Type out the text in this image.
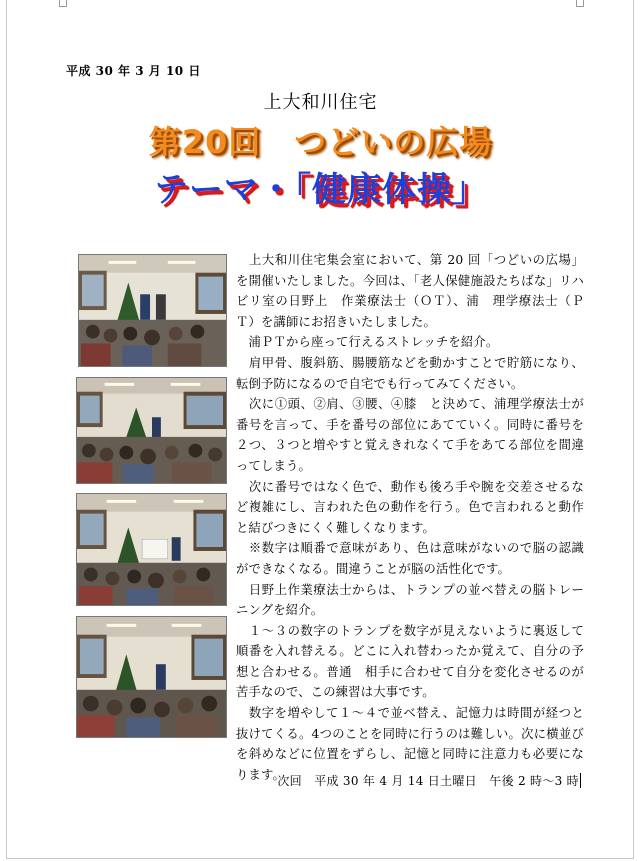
平成 30 年 3 月 10 日
上大和川住宅
第20回　つどいの広場
テーマ・「健康体操」

　上大和川住宅集会室において、第 20 回「つどいの広場」を開催いたしました。今回は、「老人保健施設たちばな」リハビリ室の日野上　作業療法士（ＯＴ）、浦　理学療法士（ＰＴ）を講師にお招きいたしました。

　浦ＰＴから座って行えるストレッチを紹介。

　肩甲骨、腹斜筋、腸腰筋などを動かすことで貯筋になり、転倒予防になるので自宅でも行ってみてください。

　次に①頭、②肩、③腰、④膝　と決めて、浦理学療法士が番号を言って、手を番号の部位にあてていく。同時に番号を２つ、３つと増やすと覚えきれなくて手をあてる部位を間違ってしまう。

　次に番号ではなく色で、動作も後ろ手や腕を交差させるなど複雑にし、言われた色の動作を行う。色で言われると動作と結びつきにくく難しくなります。

　※数字は順番で意味があり、色は意味がないので脳の認識ができなくなる。間違うことが脳の活性化です。

　日野上作業療法士からは、トランプの並べ替えの脳トレーニングを紹介。

　１～３の数字のトランプを数字が見えないように裏返して順番を入れ替える。どこに入れ替わったか覚えて、自分の予想と合わせる。普通　相手に合わせて自分を変化させるのが苦手なので、この練習は大事です。

　数字を増やして１～４で並べ替え、記憶力は時間が経つと抜けてくる。4つのことを同時に行うのは難しい。次に横並びを斜めなどに位置をずらし、記憶と同時に注意力も必要になります。

次回　平成 30 年 4 月 14 日土曜日　午後 2 時～3 時
